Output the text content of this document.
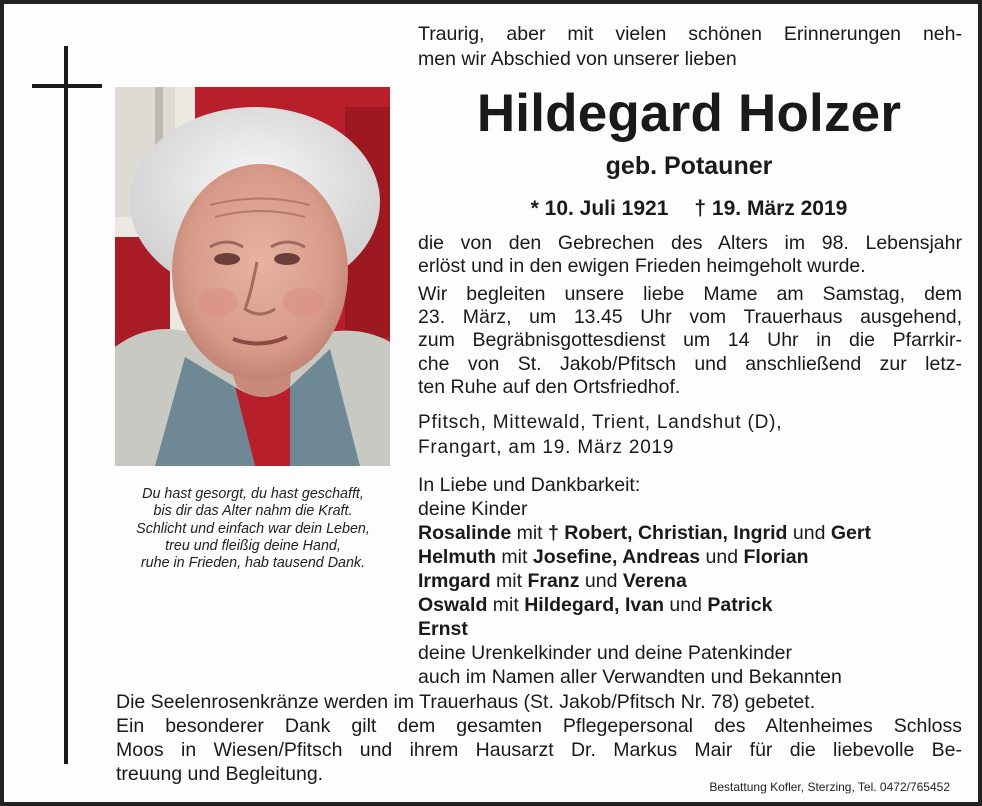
Du hast gesorgt, du hast geschafft,
bis dir das Alter nahm die Kraft.
Schlicht und einfach war dein Leben,
treu und fleißig deine Hand,
ruhe in Frieden, hab tausend Dank.
Traurig, aber mit vielen schönen Erinnerungen neh-
men wir Abschied von unserer lieben
Hildegard Holzer
geb. Potauner
* 10. Juli 1921 † 19. März 2019
die von den Gebrechen des Alters im 98. Lebensjahr
erlöst und in den ewigen Frieden heimgeholt wurde.
Wir begleiten unsere liebe Mame am Samstag, dem
23. März, um 13.45 Uhr vom Trauerhaus ausgehend,
zum Begräbnisgottesdienst um 14 Uhr in die Pfarrkir-
che von St. Jakob/Pfitsch und anschließend zur letz-
ten Ruhe auf den Ortsfriedhof.
Pfitsch, Mittewald, Trient, Landshut (D),
Frangart, am 19. März 2019
In Liebe und Dankbarkeit:
deine Kinder
Rosalinde mit † Robert, Christian, Ingrid und Gert
Helmuth mit Josefine, Andreas und Florian
Irmgard mit Franz und Verena
Oswald mit Hildegard, Ivan und Patrick
Ernst
deine Urenkelkinder und deine Patenkinder
auch im Namen aller Verwandten und Bekannten
Die Seelenrosenkränze werden im Trauerhaus (St. Jakob/Pfitsch Nr. 78) gebetet.
Ein besonderer Dank gilt dem gesamten Pflegepersonal des Altenheimes Schloss
Moos in Wiesen/Pfitsch und ihrem Hausarzt Dr. Markus Mair für die liebevolle Be-
treuung und Begleitung.
Bestattung Kofler, Sterzing, Tel. 0472/765452
